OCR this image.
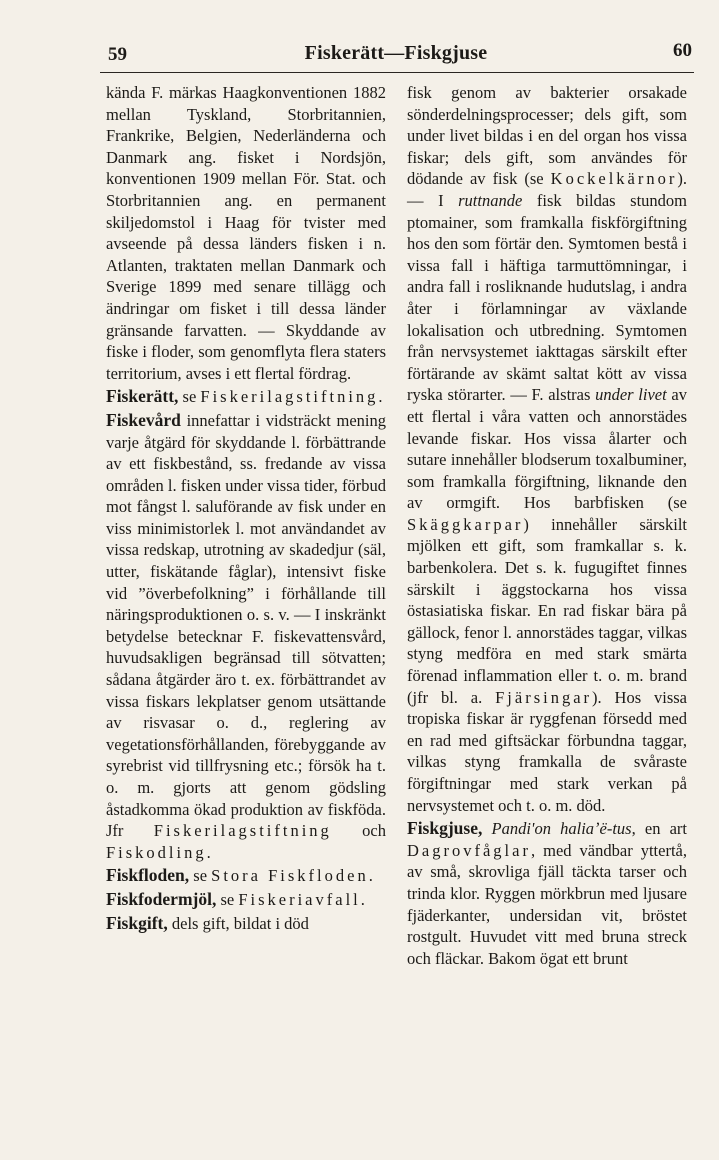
59	Fiskerätt—Fiskgjuse	60

kända F. märkas Haagkonventionen 1882 mellan Tyskland, Storbritannien, Frankrike, Belgien, Nederländerna och Danmark ang. fisket i Nordsjön, konventionen 1909 mellan För. Stat. och Storbritannien ang. en permanent skiljedomstol i Haag för tvister med avseende på dessa länders fisken i n. Atlanten, traktaten mellan Danmark och Sverige 1899 med senare tillägg och ändringar om fisket i till dessa länder gränsande farvatten. — Skyddande av fiske i floder, som genomflyta flera staters territorium, avses i ett flertal fördrag.

Fiskerätt, se Fiskerilagstiftning.

Fiskevård innefattar i vidsträckt mening varje åtgärd för skyddande l. förbättrande av ett fiskbestånd, ss. fredande av vissa områden l. fisken under vissa tider, förbud mot fångst l. saluförande av fisk under en viss minimistorlek l. mot användandet av vissa redskap, utrotning av skadedjur (säl, utter, fiskätande fåglar), intensivt fiske vid ”överbefolkning” i förhållande till näringsproduktionen o. s. v. — I inskränkt betydelse betecknar F. fiskevattensvård, huvudsakligen begränsad till sötvatten; sådana åtgärder äro t. ex. förbättrandet av vissa fiskars lekplatser genom utsättande av risvasar o. d., reglering av vegetationsförhållanden, förebyggande av syrebrist vid tillfrysning etc.; försök ha t. o. m. gjorts att genom gödsling åstadkomma ökad produktion av fiskföda. Jfr Fiskerilagstiftning och Fiskodling.

Fiskfloden, se Stora Fiskfloden.

Fiskfodermjöl, se Fiskeriavfall.

Fiskgift, dels gift, bildat i död

fisk genom av bakterier orsakade sönderdelningsprocesser; dels gift, som under livet bildas i en del organ hos vissa fiskar; dels gift, som användes för dödande av fisk (se Kockelkärnor). — I ruttnande fisk bildas stundom ptomainer, som framkalla fiskförgiftning hos den som förtär den. Symtomen bestå i vissa fall i häftiga tarmuttömningar, i andra fall i rosliknande hudutslag, i andra åter i förlamningar av växlande lokalisation och utbredning. Symtomen från nervsystemet iakttagas särskilt efter förtärande av skämt saltat kött av vissa ryska störarter. — F. alstras under livet av ett flertal i våra vatten och annorstädes levande fiskar. Hos vissa ålarter och sutare innehåller blodserum toxalbuminer, som framkalla förgiftning, liknande den av ormgift. Hos barbfisken (se Skäggkarpar) innehåller särskilt mjölken ett gift, som framkallar s. k. barbenkolera. Det s. k. fugugiftet finnes särskilt i äggstockarna hos vissa östasiatiska fiskar. En rad fiskar bära på gällock, fenor l. annorstädes taggar, vilkas styng medföra en med stark smärta förenad inflammation eller t. o. m. brand (jfr bl. a. Fjärsingar). Hos vissa tropiska fiskar är ryggfenan försedd med en rad med giftsäckar förbundna taggar, vilkas styng framkalla de svåraste förgiftningar med stark verkan på nervsystemet och t. o. m. död.

Fiskgjuse, Pandi'on haliaʼë-tus, en art Dagrovfåglar, med vändbar yttertå, av små, skrovliga fjäll täckta tarser och trinda klor. Ryggen mörkbrun med ljusare fjäderkanter, undersidan vit, bröstet rostgult. Huvudet vitt med bruna streck och fläckar. Bakom ögat ett brunt
